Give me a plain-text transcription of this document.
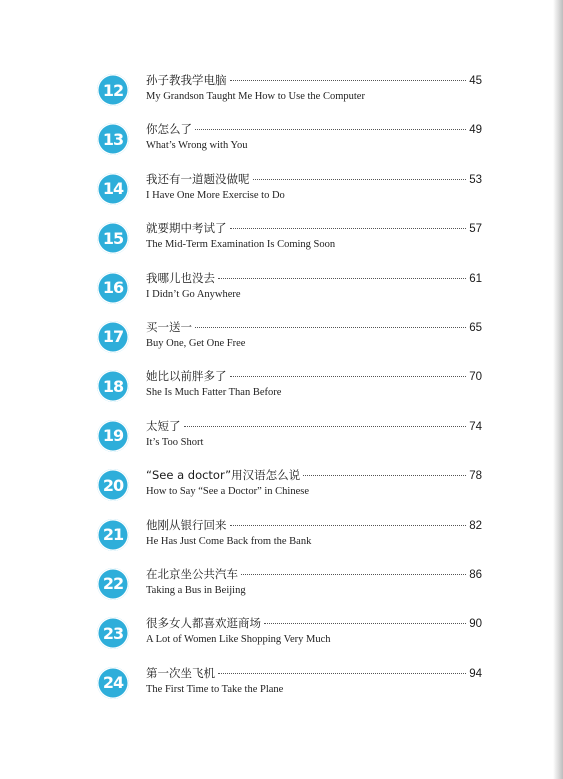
12
孙子教我学电脑	45
My Grandson Taught Me How to Use the Computer
13
你怎么了	49
What’s Wrong with You
14
我还有一道题没做呢	53
I Have One More Exercise to Do
15
就要期中考试了	57
The Mid-Term Examination Is Coming Soon
16
我哪儿也没去	61
I Didn’t Go Anywhere
17
买一送一	65
Buy One, Get One Free
18
她比以前胖多了	70
She Is Much Fatter Than Before
19
太短了	74
It’s Too Short
20
“See a doctor”用汉语怎么说	78
How to Say “See a Doctor” in Chinese
21
他刚从银行回来	82
He Has Just Come Back from the Bank
22
在北京坐公共汽车	86
Taking a Bus in Beijing
23
很多女人都喜欢逛商场	90
A Lot of Women Like Shopping Very Much
24
第一次坐飞机	94
The First Time to Take the Plane
